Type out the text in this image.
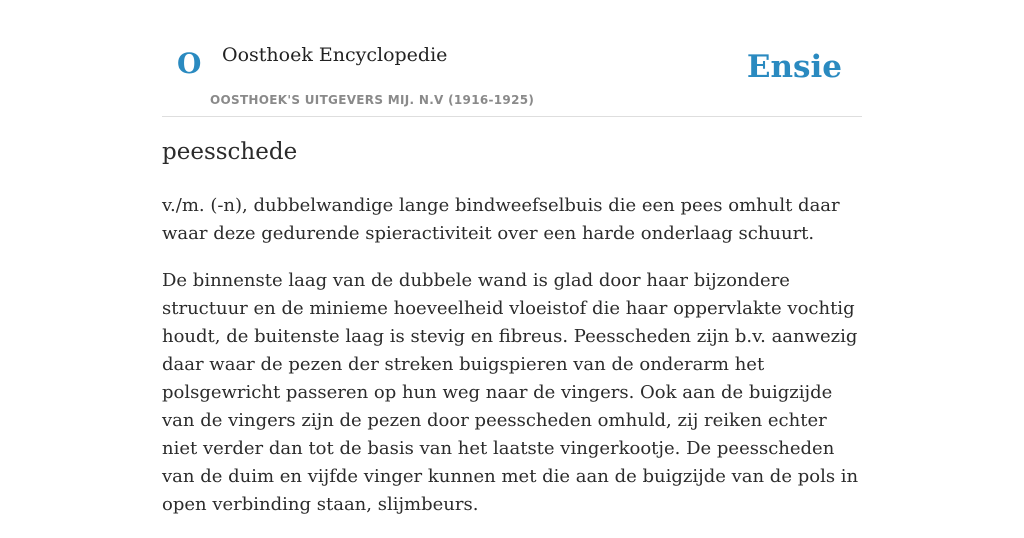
O Oosthoek Encyclopedie
OOSTHOEK'S UITGEVERS MIJ. N.V (1916-1925)
Ensie
peesschede

v./m. (-n), dubbelwandige lange bindweefselbuis die een pees omhult daar waar deze gedurende spieractiviteit over een harde onderlaag schuurt.

De binnenste laag van de dubbele wand is glad door haar bijzondere structuur en de minieme hoeveelheid vloeistof die haar oppervlakte vochtig houdt, de buitenste laag is stevig en fibreus. Peesscheden zijn b.v. aanwezig daar waar de pezen der streken buigspieren van de onderarm het polsgewricht passeren op hun weg naar de vingers. Ook aan de buigzijde van de vingers zijn de pezen door peesscheden omhuld, zij reiken echter niet verder dan tot de basis van het laatste vingerkootje. De peesscheden van de duim en vijfde vinger kunnen met die aan de buigzijde van de pols in open verbinding staan, slijmbeurs.
